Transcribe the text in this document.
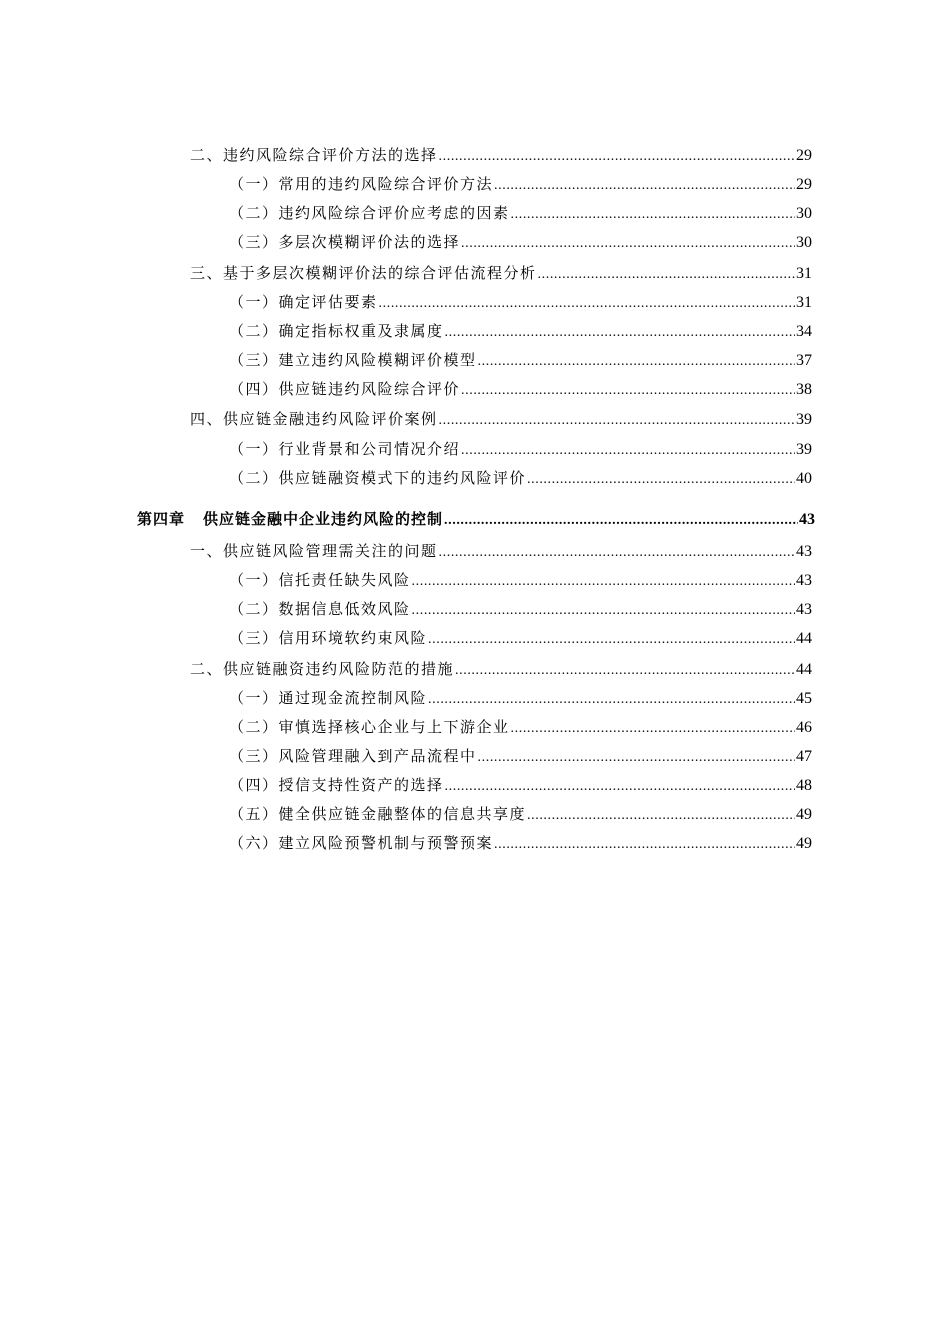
二、违约风险综合评价方法的选择 .....	29
（一）常用的违约风险综合评价方法 .....	29
（二）违约风险综合评价应考虑的因素 .....	30
（三）多层次模糊评价法的选择 .....	30
三、基于多层次模糊评价法的综合评估流程分析 .....	31
（一）确定评估要素 .....	31
（二）确定指标权重及隶属度 .....	34
（三）建立违约风险模糊评价模型 .....	37
（四）供应链违约风险综合评价 .....	38
四、供应链金融违约风险评价案例 .....	39
（一）行业背景和公司情况介绍 .....	39
（二）供应链融资模式下的违约风险评价 .....	40
第四章 供应链金融中企业违约风险的控制 .....	43
一、供应链风险管理需关注的问题 .....	43
（一）信托责任缺失风险 .....	43
（二）数据信息低效风险 .....	43
（三）信用环境软约束风险 .....	44
二、供应链融资违约风险防范的措施 .....	44
（一）通过现金流控制风险 .....	45
（二）审慎选择核心企业与上下游企业 .....	46
（三）风险管理融入到产品流程中 .....	47
（四）授信支持性资产的选择 .....	48
（五）健全供应链金融整体的信息共享度 .....	49
（六）建立风险预警机制与预警预案 .....	49
